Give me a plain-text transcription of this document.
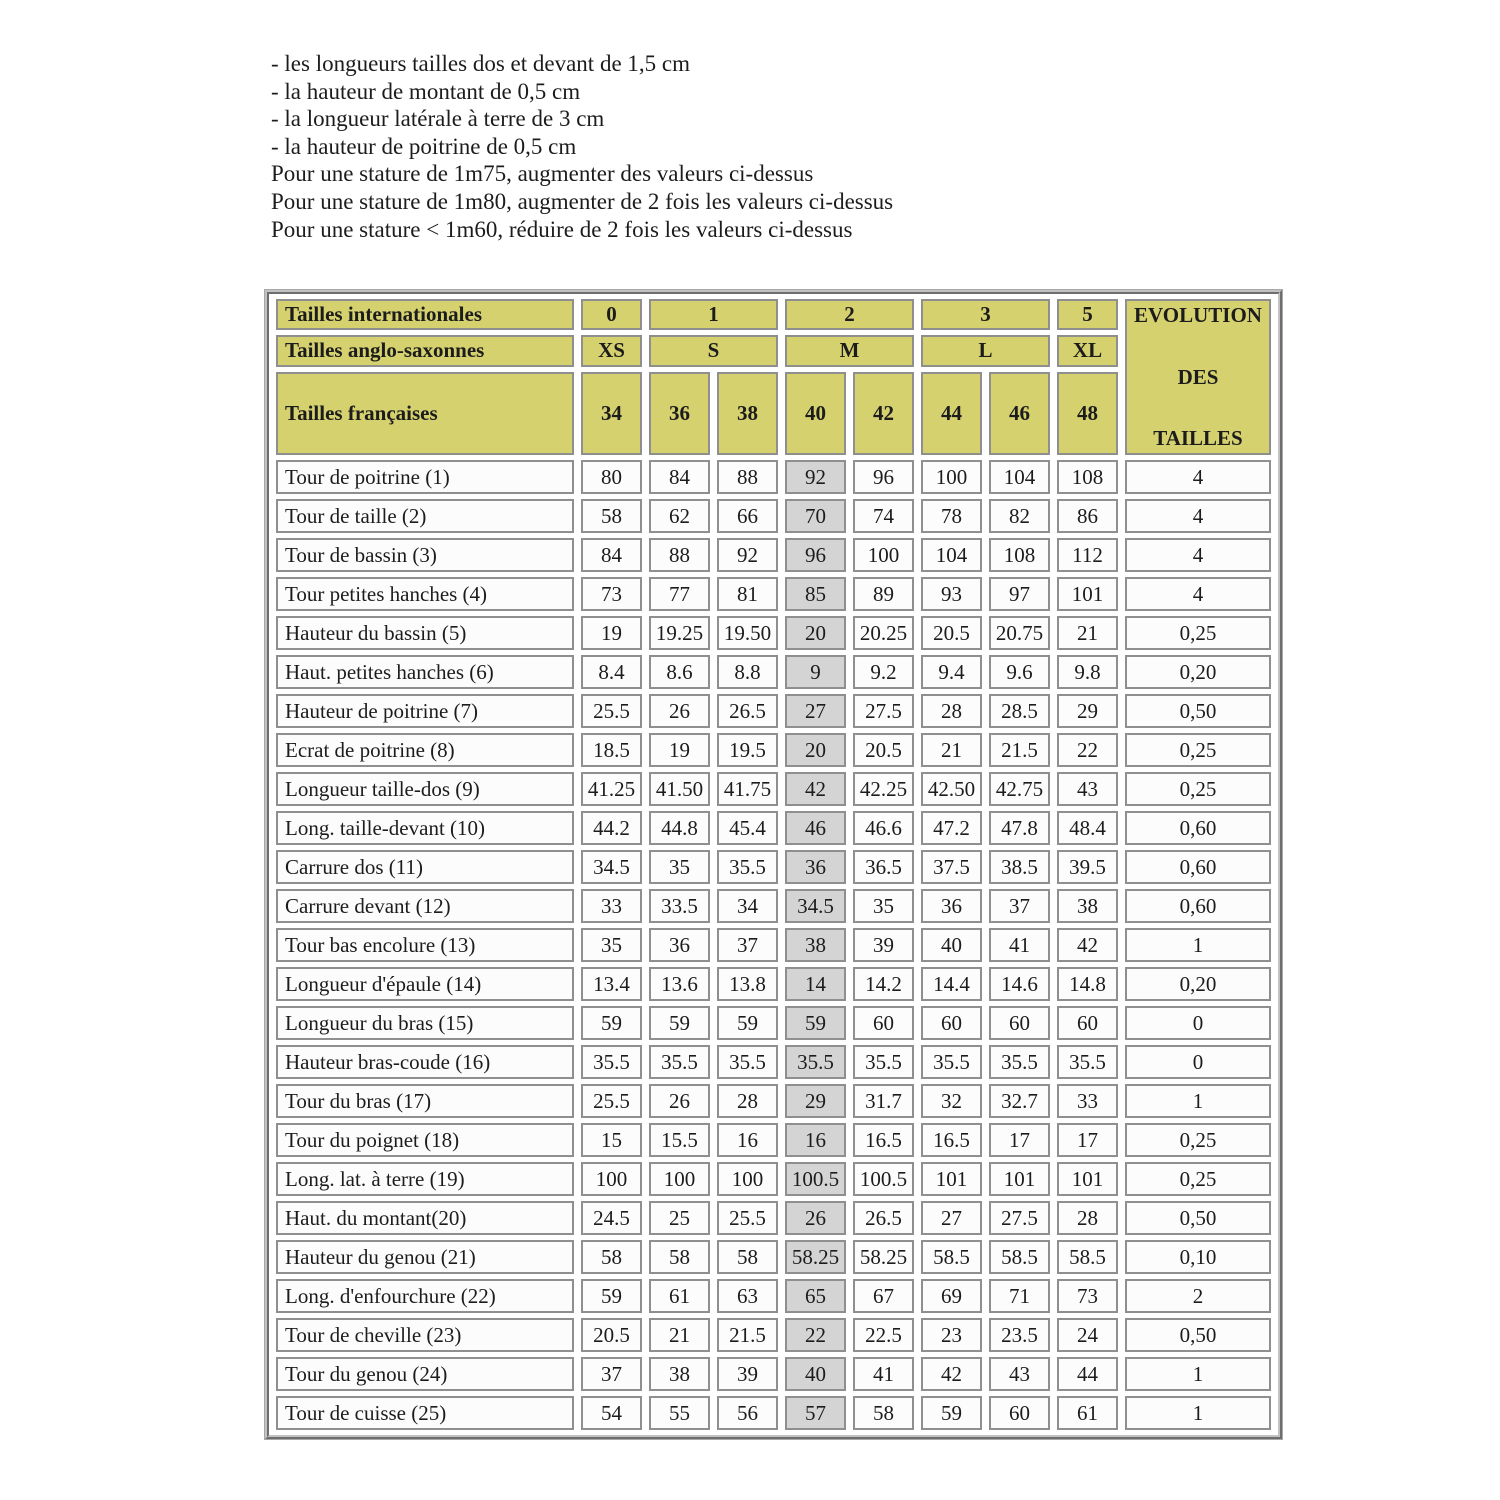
- les longueurs tailles dos et devant de 1,5 cm
- la hauteur de montant de 0,5 cm
- la longueur latérale à terre de 3 cm
- la hauteur de poitrine de 0,5 cm
Pour une stature de 1m75, augmenter des valeurs ci-dessus
Pour une stature de 1m80, augmenter de 2 fois les valeurs ci-dessus
Pour une stature < 1m60, réduire de 2 fois les valeurs ci-dessus
Tailles internationales	0	1		2		3		5	EVOLUTION
DES
TAILLES

Tailles anglo-saxonnes	XS	S		M		L		XL	
Tailles françaises	34	36	38	40	42	44	46	48	
Tour de poitrine (1)	80	84	88	92	96	100	104	108	4
Tour de taille (2)	58	62	66	70	74	78	82	86	4
Tour de bassin (3)	84	88	92	96	100	104	108	112	4
Tour petites hanches (4)	73	77	81	85	89	93	97	101	4
Hauteur du bassin (5)	19	19.25	19.50	20	20.25	20.5	20.75	21	0,25
Haut. petites hanches (6)	8.4	8.6	8.8	9	9.2	9.4	9.6	9.8	0,20
Hauteur de poitrine (7)	25.5	26	26.5	27	27.5	28	28.5	29	0,50
Ecrat de poitrine (8)	18.5	19	19.5	20	20.5	21	21.5	22	0,25
Longueur taille-dos (9)	41.25	41.50	41.75	42	42.25	42.50	42.75	43	0,25
Long. taille-devant (10)	44.2	44.8	45.4	46	46.6	47.2	47.8	48.4	0,60
Carrure dos (11)	34.5	35	35.5	36	36.5	37.5	38.5	39.5	0,60
Carrure devant (12)	33	33.5	34	34.5	35	36	37	38	0,60
Tour bas encolure (13)	35	36	37	38	39	40	41	42	1
Longueur d'épaule (14)	13.4	13.6	13.8	14	14.2	14.4	14.6	14.8	0,20
Longueur du bras (15)	59	59	59	59	60	60	60	60	0
Hauteur bras-coude (16)	35.5	35.5	35.5	35.5	35.5	35.5	35.5	35.5	0
Tour du bras (17)	25.5	26	28	29	31.7	32	32.7	33	1
Tour du poignet (18)	15	15.5	16	16	16.5	16.5	17	17	0,25
Long. lat. à terre (19)	100	100	100	100.5	100.5	101	101	101	0,25
Haut. du montant(20)	24.5	25	25.5	26	26.5	27	27.5	28	0,50
Hauteur du genou (21)	58	58	58	58.25	58.25	58.5	58.5	58.5	0,10
Long. d'enfourchure (22)	59	61	63	65	67	69	71	73	2
Tour de cheville (23)	20.5	21	21.5	22	22.5	23	23.5	24	0,50
Tour du genou (24)	37	38	39	40	41	42	43	44	1
Tour de cuisse (25)	54	55	56	57	58	59	60	61	1
